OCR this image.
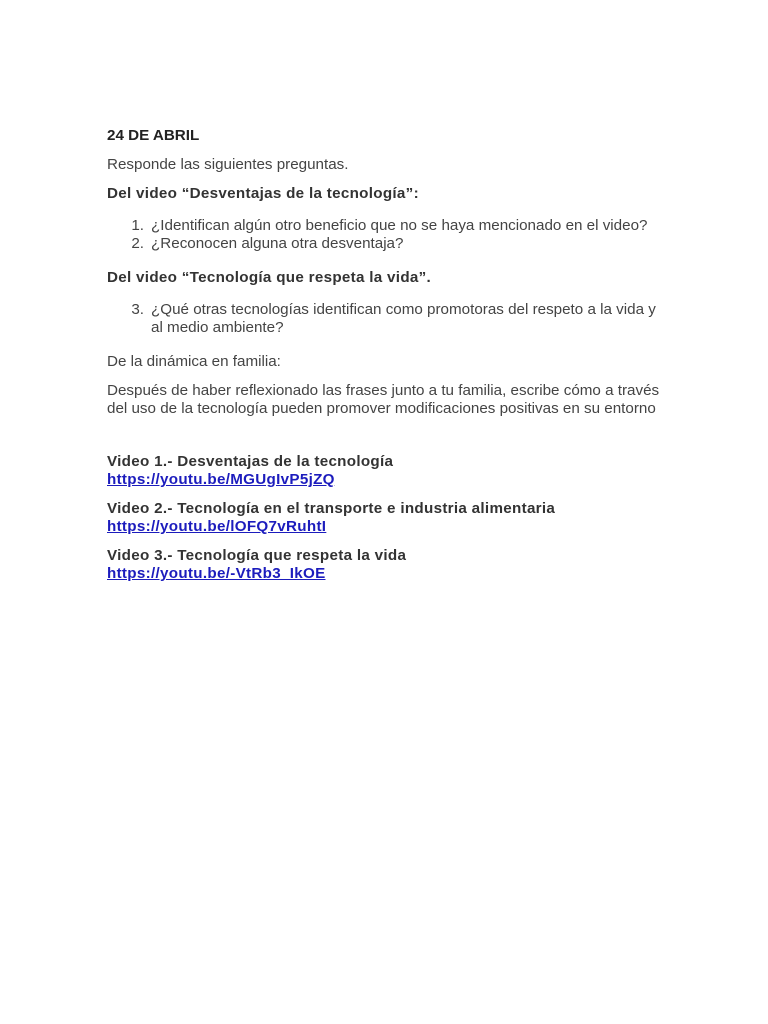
24 DE ABRIL
Responde las siguientes preguntas.
Del video “Desventajas de la tecnología”:
1. ¿Identifican algún otro beneficio que no se haya mencionado en el video?
2. ¿Reconocen alguna otra desventaja?
Del video “Tecnología que respeta la vida”.
3. ¿Qué otras tecnologías identifican como promotoras del respeto a la vida y al medio ambiente?
De la dinámica en familia:
Después de haber reflexionado las frases junto a tu familia, escribe cómo a través del uso de la tecnología pueden promover modificaciones positivas en su entorno
Video 1.- Desventajas de la tecnología
https://youtu.be/MGUgIvP5jZQ
Video 2.- Tecnología en el transporte e industria alimentaria
https://youtu.be/lOFQ7vRuhtI
Video 3.- Tecnología que respeta la vida
https://youtu.be/-VtRb3_IkOE
